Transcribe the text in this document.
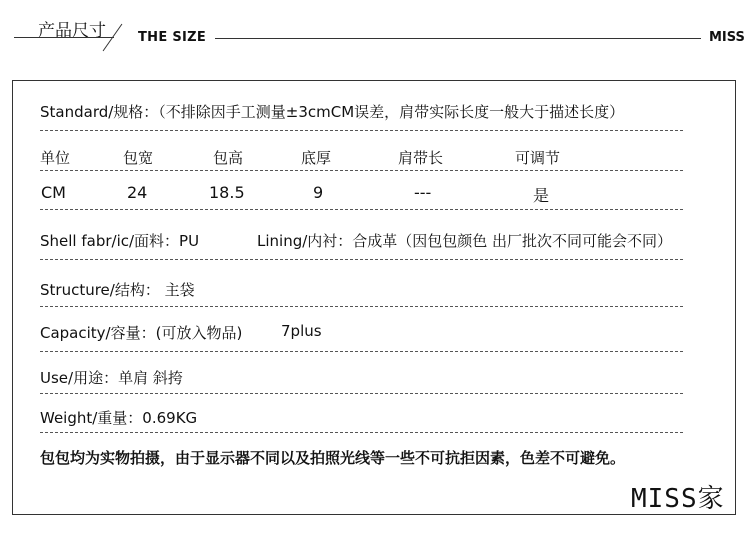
产品尺寸 THE SIZE	MISS
Standard/规格：（不排除因手工测量±3cmCM误差，肩带实际长度一般大于描述长度）
单位	包宽	包高	底厚	肩带长	可调节
CM	24	18.5	9	---	是
Shell fabr/ic/面料：PU	Lining/内衬：合成革（因包包颜色 出厂批次不同可能会不同）
Structure/结构： 主袋
Capacity/容量：(可放入物品)	7plus
Use/用途：单肩 斜挎
Weight/重量：0.69KG
包包均为实物拍摄，由于显示器不同以及拍照光线等一些不可抗拒因素，色差不可避免。
MISS家
